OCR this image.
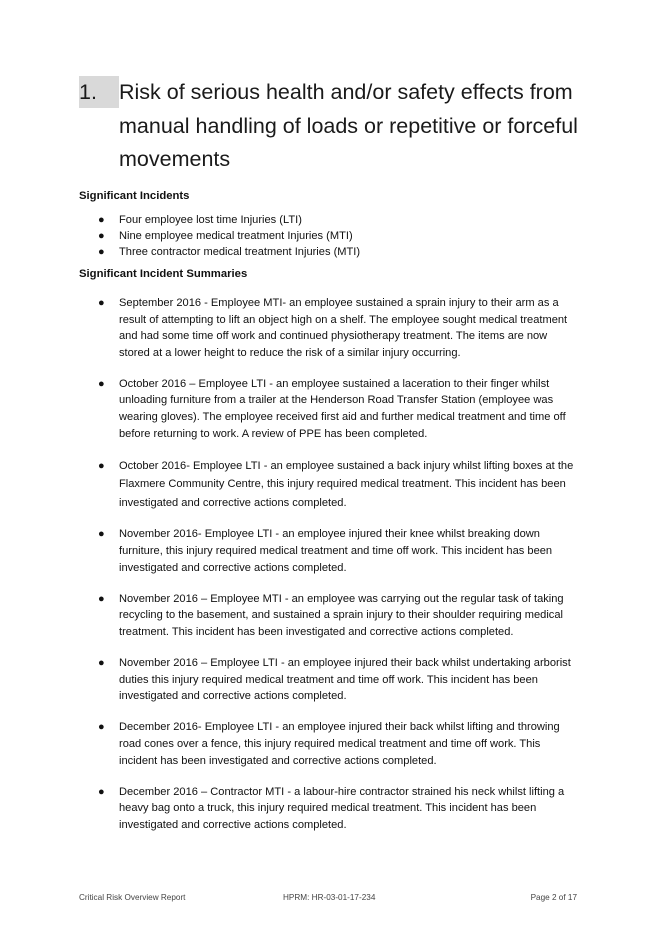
1.	Risk of serious health and/or safety effects from
manual handling of loads or repetitive or forceful
movements
Significant Incidents
● Four employee lost time Injuries (LTI)
● Nine employee medical treatment Injuries (MTI)
● Three contractor medical treatment Injuries (MTI)
Significant Incident Summaries
● September 2016 - Employee MTI- an employee sustained a sprain injury to their arm as a
result of attempting to lift an object high on a shelf. The employee sought medical treatment
and had some time off work and continued physiotherapy treatment. The items are now
stored at a lower height to reduce the risk of a similar injury occurring.
● October 2016 – Employee LTI - an employee sustained a laceration to their finger whilst
unloading furniture from a trailer at the Henderson Road Transfer Station (employee was
wearing gloves). The employee received first aid and further medical treatment and time off
before returning to work. A review of PPE has been completed.
● October 2016- Employee LTI - an employee sustained a back injury whilst lifting boxes at the
Flaxmere Community Centre, this injury required medical treatment. This incident has been
investigated and corrective actions completed.
● November 2016- Employee LTI - an employee injured their knee whilst breaking down
furniture, this injury required medical treatment and time off work. This incident has been
investigated and corrective actions completed.
● November 2016 – Employee MTI - an employee was carrying out the regular task of taking
recycling to the basement, and sustained a sprain injury to their shoulder requiring medical
treatment. This incident has been investigated and corrective actions completed.
● November 2016 – Employee LTI - an employee injured their back whilst undertaking arborist
duties this injury required medical treatment and time off work. This incident has been
investigated and corrective actions completed.
● December 2016- Employee LTI - an employee injured their back whilst lifting and throwing
road cones over a fence, this injury required medical treatment and time off work. This
incident has been investigated and corrective actions completed.
● December 2016 – Contractor MTI - a labour-hire contractor strained his neck whilst lifting a
heavy bag onto a truck, this injury required medical treatment. This incident has been
investigated and corrective actions completed.
Critical Risk Overview Report	HPRM: HR-03-01-17-234	Page 2 of 17
